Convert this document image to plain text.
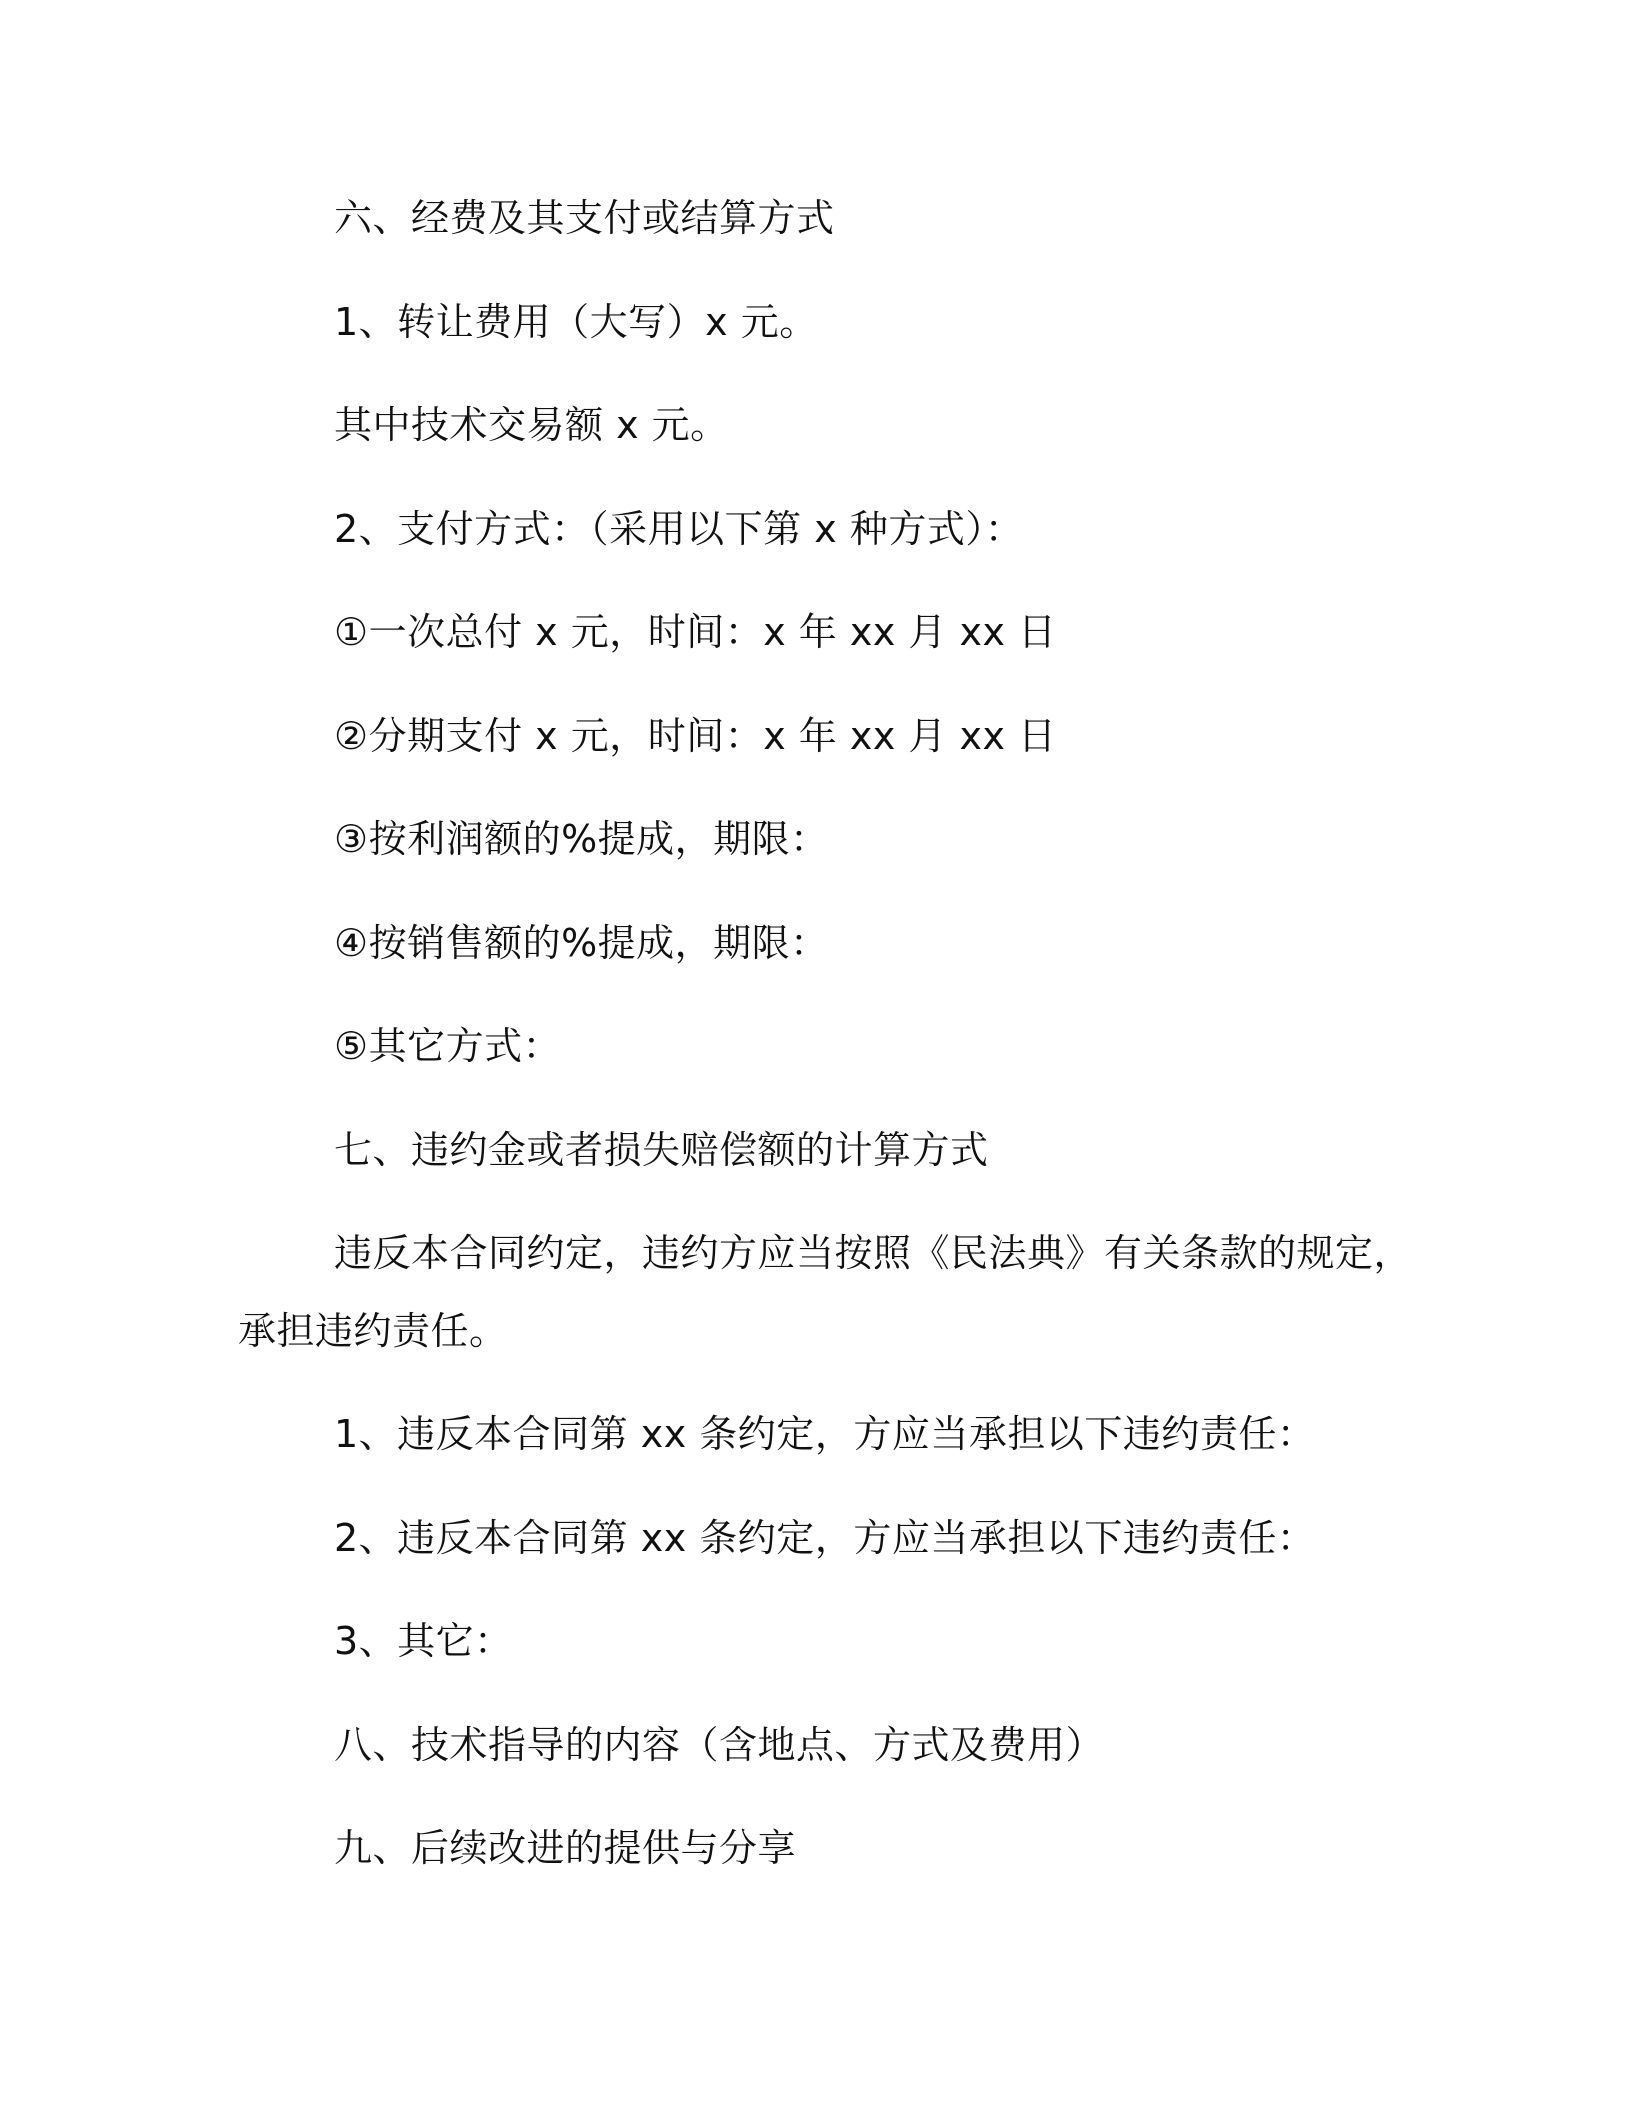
六、经费及其支付或结算方式
1、转让费用（大写）x 元。
其中技术交易额 x 元。
2、支付方式：（采用以下第 x 种方式）：
①一次总付 x 元，时间：x 年 xx 月 xx 日
②分期支付 x 元，时间：x 年 xx 月 xx 日
③按利润额的%提成，期限：
④按销售额的%提成，期限：
⑤其它方式：
七、违约金或者损失赔偿额的计算方式
违反本合同约定，违约方应当按照《民法典》有关条款的规定，
承担违约责任。
1、违反本合同第 xx 条约定，方应当承担以下违约责任：
2、违反本合同第 xx 条约定，方应当承担以下违约责任：
3、其它：
八、技术指导的内容（含地点、方式及费用）
九、后续改进的提供与分享
